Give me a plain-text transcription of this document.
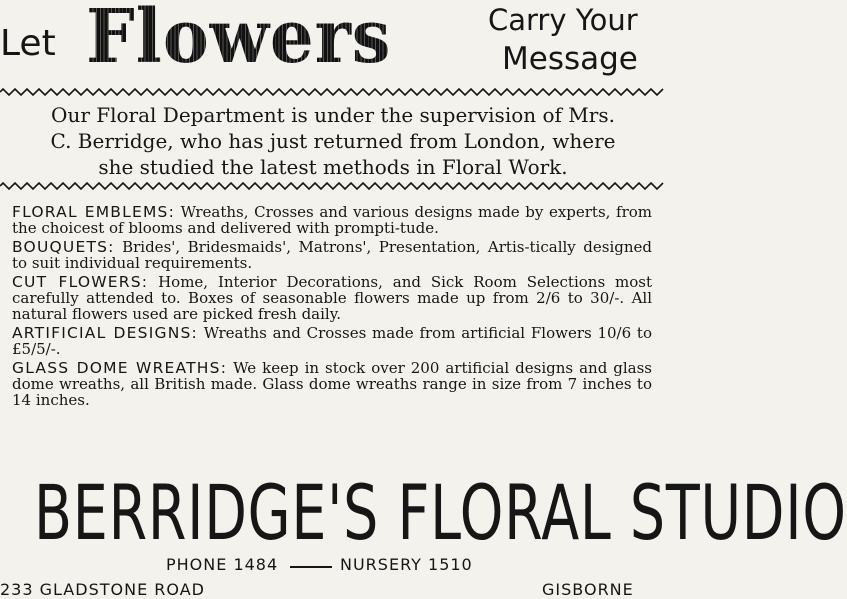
Let Flowers	Carry Your
Message
Our Floral Department is under the supervision of Mrs.
C. Berridge, who has just returned from London, where
she studied the latest methods in Floral Work.
FLORAL EMBLEMS: Wreaths, Crosses and various designs made by experts, from the choicest of blooms and delivered with prompti-tude.
BOUQUETS: Brides', Bridesmaids', Matrons', Presentation, Artis-tically designed to suit individual requirements.
CUT FLOWERS: Home, Interior Decorations, and Sick Room Selections most carefully attended to. Boxes of seasonable flowers made up from 2/6 to 30/-. All natural flowers used are picked fresh daily.
ARTIFICIAL DESIGNS: Wreaths and Crosses made from artificial Flowers 10/6 to £5/5/-.
GLASS DOME WREATHS: We keep in stock over 200 artificial designs and glass dome wreaths, all British made. Glass dome wreaths range in size from 7 inches to 14 inches.
BERRIDGE'S FLORAL STUDIO
PHONE 1484	NURSERY 1510
233 GLADSTONE ROAD	GISBORNE
